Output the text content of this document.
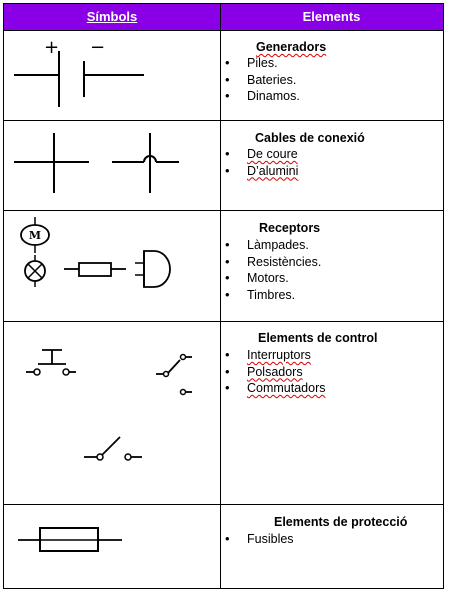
Símbols	Elements
+ −	Generadors
• Piles.
• Bateries.
• Dinamos.
Cables de conexió
• De coure
• D’alumini
M
Receptors
• Làmpades.
• Resistències.
• Motors.
• Timbres.
Elements de control
• Interruptors
• Polsadors
• Commutadors
Elements de protecció
• Fusibles
